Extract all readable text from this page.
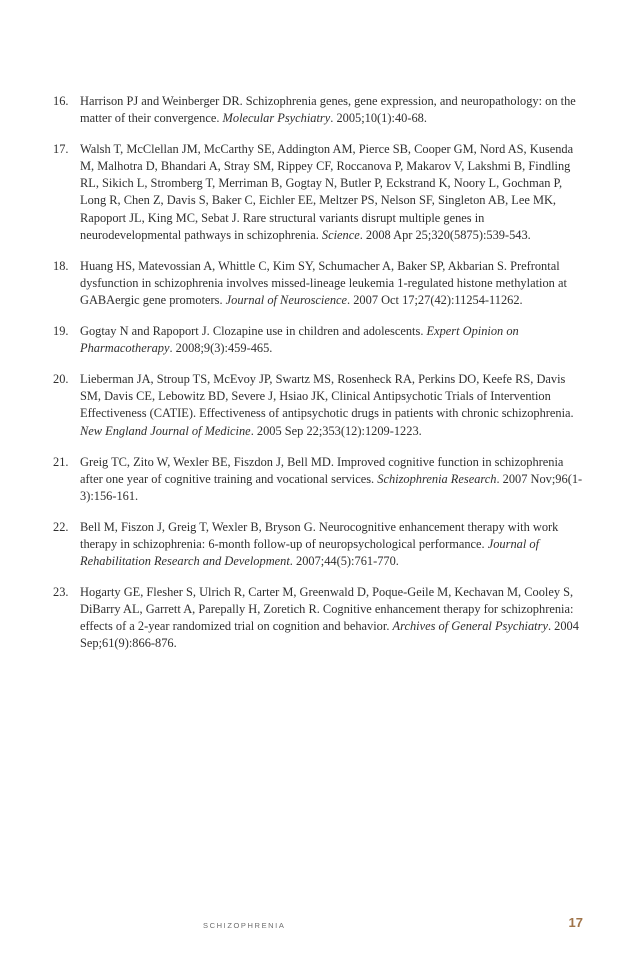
16. Harrison PJ and Weinberger DR. Schizophrenia genes, gene expression, and neuropathology: on the matter of their convergence. Molecular Psychiatry. 2005;10(1):40-68.
17. Walsh T, McClellan JM, McCarthy SE, Addington AM, Pierce SB, Cooper GM, Nord AS, Kusenda M, Malhotra D, Bhandari A, Stray SM, Rippey CF, Roccanova P, Makarov V, Lakshmi B, Findling RL, Sikich L, Stromberg T, Merriman B, Gogtay N, Butler P, Eckstrand K, Noory L, Gochman P, Long R, Chen Z, Davis S, Baker C, Eichler EE, Meltzer PS, Nelson SF, Singleton AB, Lee MK, Rapoport JL, King MC, Sebat J. Rare structural variants disrupt multiple genes in neurodevelopmental pathways in schizophrenia. Science. 2008 Apr 25;320(5875):539-543.
18. Huang HS, Matevossian A, Whittle C, Kim SY, Schumacher A, Baker SP, Akbarian S. Prefrontal dysfunction in schizophrenia involves missed-lineage leukemia 1-regulated histone methylation at GABAergic gene promoters. Journal of Neuroscience. 2007 Oct 17;27(42):11254-11262.
19. Gogtay N and Rapoport J. Clozapine use in children and adolescents. Expert Opinion on Pharmacotherapy. 2008;9(3):459-465.
20. Lieberman JA, Stroup TS, McEvoy JP, Swartz MS, Rosenheck RA, Perkins DO, Keefe RS, Davis SM, Davis CE, Lebowitz BD, Severe J, Hsiao JK, Clinical Antipsychotic Trials of Intervention Effectiveness (CATIE). Effectiveness of antipsychotic drugs in patients with chronic schizophrenia. New England Journal of Medicine. 2005 Sep 22;353(12):1209-1223.
21. Greig TC, Zito W, Wexler BE, Fiszdon J, Bell MD. Improved cognitive function in schizophrenia after one year of cognitive training and vocational services. Schizophrenia Research. 2007 Nov;96(1-3):156-161.
22. Bell M, Fiszon J, Greig T, Wexler B, Bryson G. Neurocognitive enhancement therapy with work therapy in schizophrenia: 6-month follow-up of neuropsychological performance. Journal of Rehabilitation Research and Development. 2007;44(5):761-770.
23. Hogarty GE, Flesher S, Ulrich R, Carter M, Greenwald D, Poque-Geile M, Kechavan M, Cooley S, DiBarry AL, Garrett A, Parepally H, Zoretich R. Cognitive enhancement therapy for schizophrenia: effects of a 2-year randomized trial on cognition and behavior. Archives of General Psychiatry. 2004 Sep;61(9):866-876.
SCHIZOPHRENIA	17
